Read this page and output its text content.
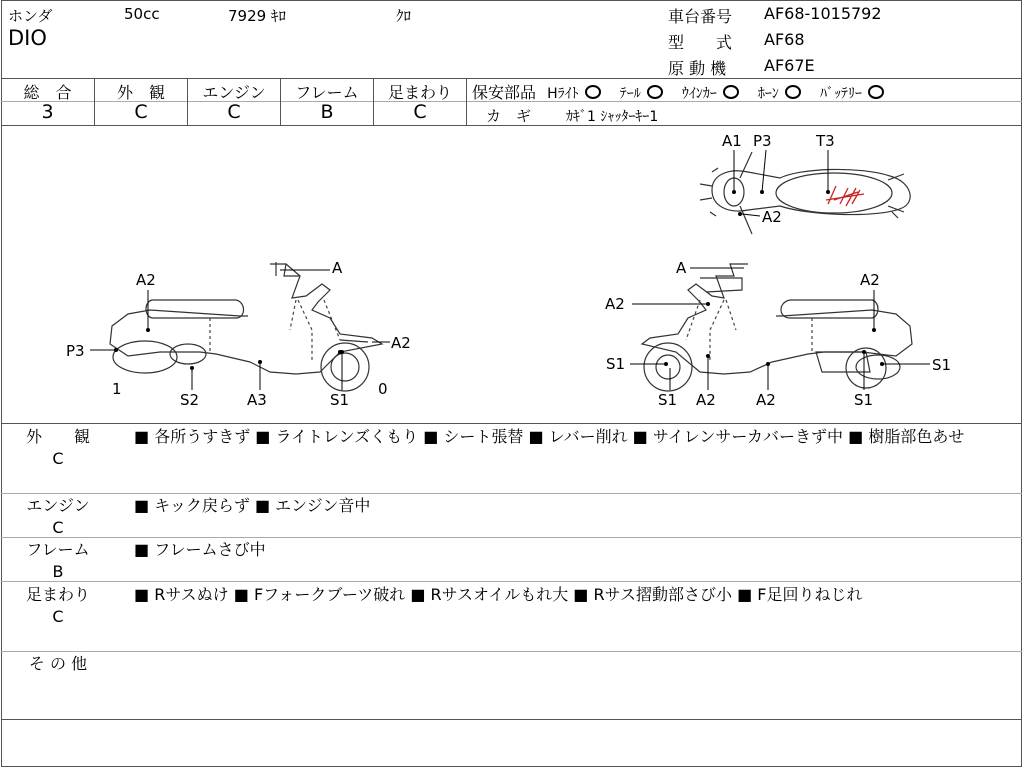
ホンダ	50cc	7929 ｷﾛ	ｸﾛ
DIO
車台番号 AF68-1015792
型　　式 AF68
原 動 機 AF67E
総　合	外　観	エンジン	フレーム	足まわり
3	C	C	B	C
保安部品 Hﾗｲﾄ	ﾃｰﾙ	ｳｲﾝｶｰ	ﾎｰﾝ	ﾊﾞｯﾃﾘｰ
カ　ギ ｶｷﾞ1 ｼｬｯﾀｰｷｰ1
A1 P3	T3
A2
A
A2
P3
1
S2	A3	S1
0
A2
A
A2
A2
S1
S1 A2	A2
S1
S1
外　　観
C
■ 各所うすきず ■ ライトレンズくもり ■ シート張替 ■ レバー削れ ■ サイレンサーカバーきず中 ■ 樹脂部色あせ
エンジン
C
■ キック戻らず ■ エンジン音中
フレーム
B
■ フレームさび中
足まわり
C
■ Rサスぬけ ■ Fフォークブーツ破れ ■ Rサスオイルもれ大 ■ Rサス摺動部さび小 ■ F足回りねじれ
そ の 他
